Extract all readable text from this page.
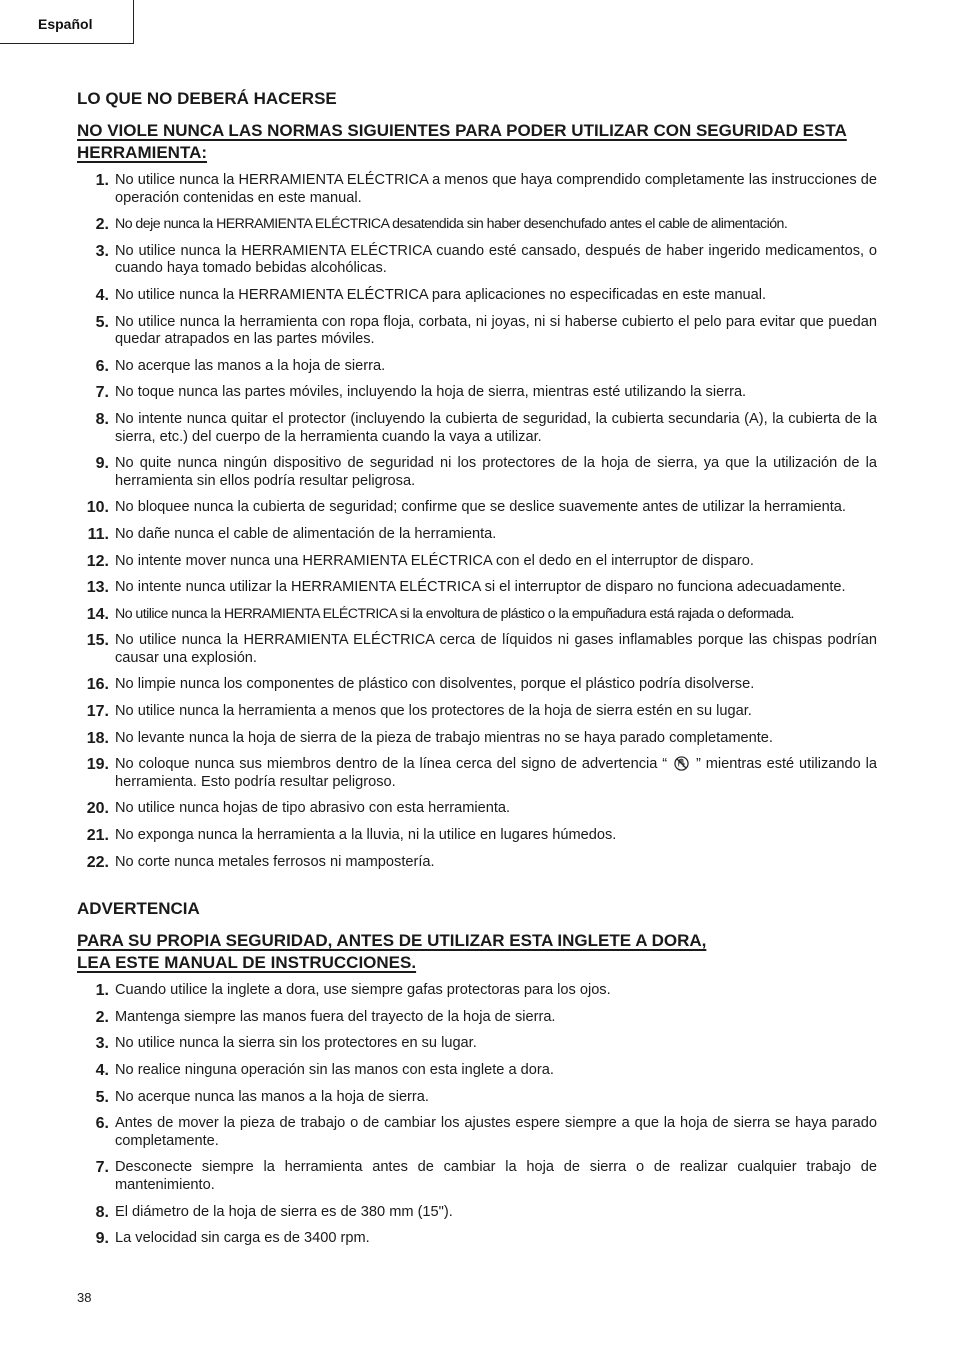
Español
LO QUE NO DEBERÁ HACERSE
NO VIOLE NUNCA LAS NORMAS SIGUIENTES PARA PODER UTILIZAR CON SEGURIDAD ESTA HERRAMIENTA:
1. No utilice nunca la HERRAMIENTA ELÉCTRICA a menos que haya comprendido completamente las instrucciones de operación contenidas en este manual.
2. No deje nunca la HERRAMIENTA ELÉCTRICA desatendida sin haber desenchufado antes el cable de alimentación.
3. No utilice nunca la HERRAMIENTA ELÉCTRICA cuando esté cansado, después de haber ingerido medicamentos, o cuando haya tomado bebidas alcohólicas.
4. No utilice nunca la HERRAMIENTA ELÉCTRICA para aplicaciones no especificadas en este manual.
5. No utilice nunca la herramienta con ropa floja, corbata, ni joyas, ni si haberse cubierto el pelo para evitar que puedan quedar atrapados en las partes móviles.
6. No acerque las manos a la hoja de sierra.
7. No toque nunca las partes móviles, incluyendo la hoja de sierra, mientras esté utilizando la sierra.
8. No intente nunca quitar el protector (incluyendo la cubierta de seguridad, la cubierta secundaria (A), la cubierta de la sierra, etc.) del cuerpo de la herramienta cuando la vaya a utilizar.
9. No quite nunca ningún dispositivo de seguridad ni los protectores de la hoja de sierra, ya que la utilización de la herramienta sin ellos podría resultar peligrosa.
10. No bloquee nunca la cubierta de seguridad; confirme que se deslice suavemente antes de utilizar la herramienta.
11. No dañe nunca el cable de alimentación de la herramienta.
12. No intente mover nunca una HERRAMIENTA ELÉCTRICA con el dedo en el interruptor de disparo.
13. No intente nunca utilizar la HERRAMIENTA ELÉCTRICA si el interruptor de disparo no funciona adecuadamente.
14. No utilice nunca la HERRAMIENTA ELÉCTRICA si la envoltura de plástico o la empuñadura está rajada o deformada.
15. No utilice nunca la HERRAMIENTA ELÉCTRICA cerca de líquidos ni gases inflamables porque las chispas podrían causar una explosión.
16. No limpie nunca los componentes de plástico con disolventes, porque el plástico podría disolverse.
17. No utilice nunca la herramienta a menos que los protectores de la hoja de sierra estén en su lugar.
18. No levante nunca la hoja de sierra de la pieza de trabajo mientras no se haya parado completamente.
19. No coloque nunca sus miembros dentro de la línea cerca del signo de advertencia “ ” mientras esté utilizando la herramienta. Esto podría resultar peligroso.
20. No utilice nunca hojas de tipo abrasivo con esta herramienta.
21. No exponga nunca la herramienta a la lluvia, ni la utilice en lugares húmedos.
22. No corte nunca metales ferrosos ni mampostería.
ADVERTENCIA
PARA SU PROPIA SEGURIDAD, ANTES DE UTILIZAR ESTA INGLETE A DORA,
LEA ESTE MANUAL DE INSTRUCCIONES.
1. Cuando utilice la inglete a dora, use siempre gafas protectoras para los ojos.
2. Mantenga siempre las manos fuera del trayecto de la hoja de sierra.
3. No utilice nunca la sierra sin los protectores en su lugar.
4. No realice ninguna operación sin las manos con esta inglete a dora.
5. No acerque nunca las manos a la hoja de sierra.
6. Antes de mover la pieza de trabajo o de cambiar los ajustes espere siempre a que la hoja de sierra se haya parado completamente.
7. Desconecte siempre la herramienta antes de cambiar la hoja de sierra o de realizar cualquier trabajo de mantenimiento.
8. El diámetro de la hoja de sierra es de 380 mm (15").
9. La velocidad sin carga es de 3400 rpm.
38
